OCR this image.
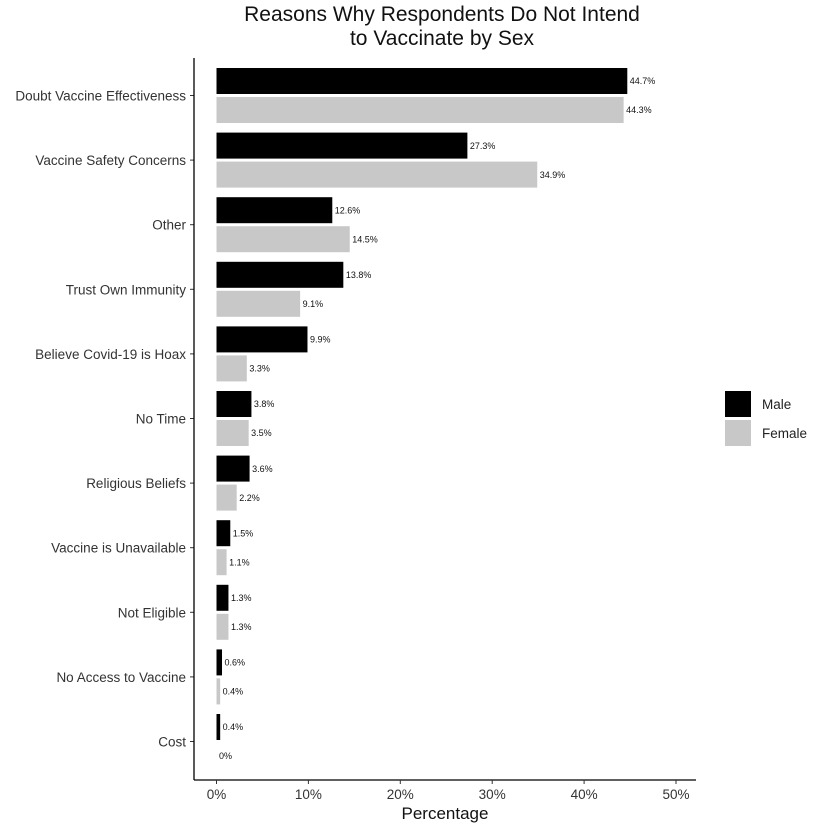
Reasons Why Respondents Do Not Intend
to Vaccinate by Sex
44.7%
44.3%
27.3%
34.9%
12.6%
14.5%
13.8%
9.1%
9.9%
3.3%
3.8%
3.5%
3.6%
2.2%
1.5%
1.1%
1.3%
1.3%
0.6%
0.4%
0.4%
0%
Doubt Vaccine Effectiveness
Vaccine Safety Concerns
Other
Trust Own Immunity
Believe Covid-19 is Hoax
No Time
Religious Beliefs
Vaccine is Unavailable
Not Eligible
No Access to Vaccine
Cost
0%	10%	20%	30%	40%	50%
Percentage
Male
Female
